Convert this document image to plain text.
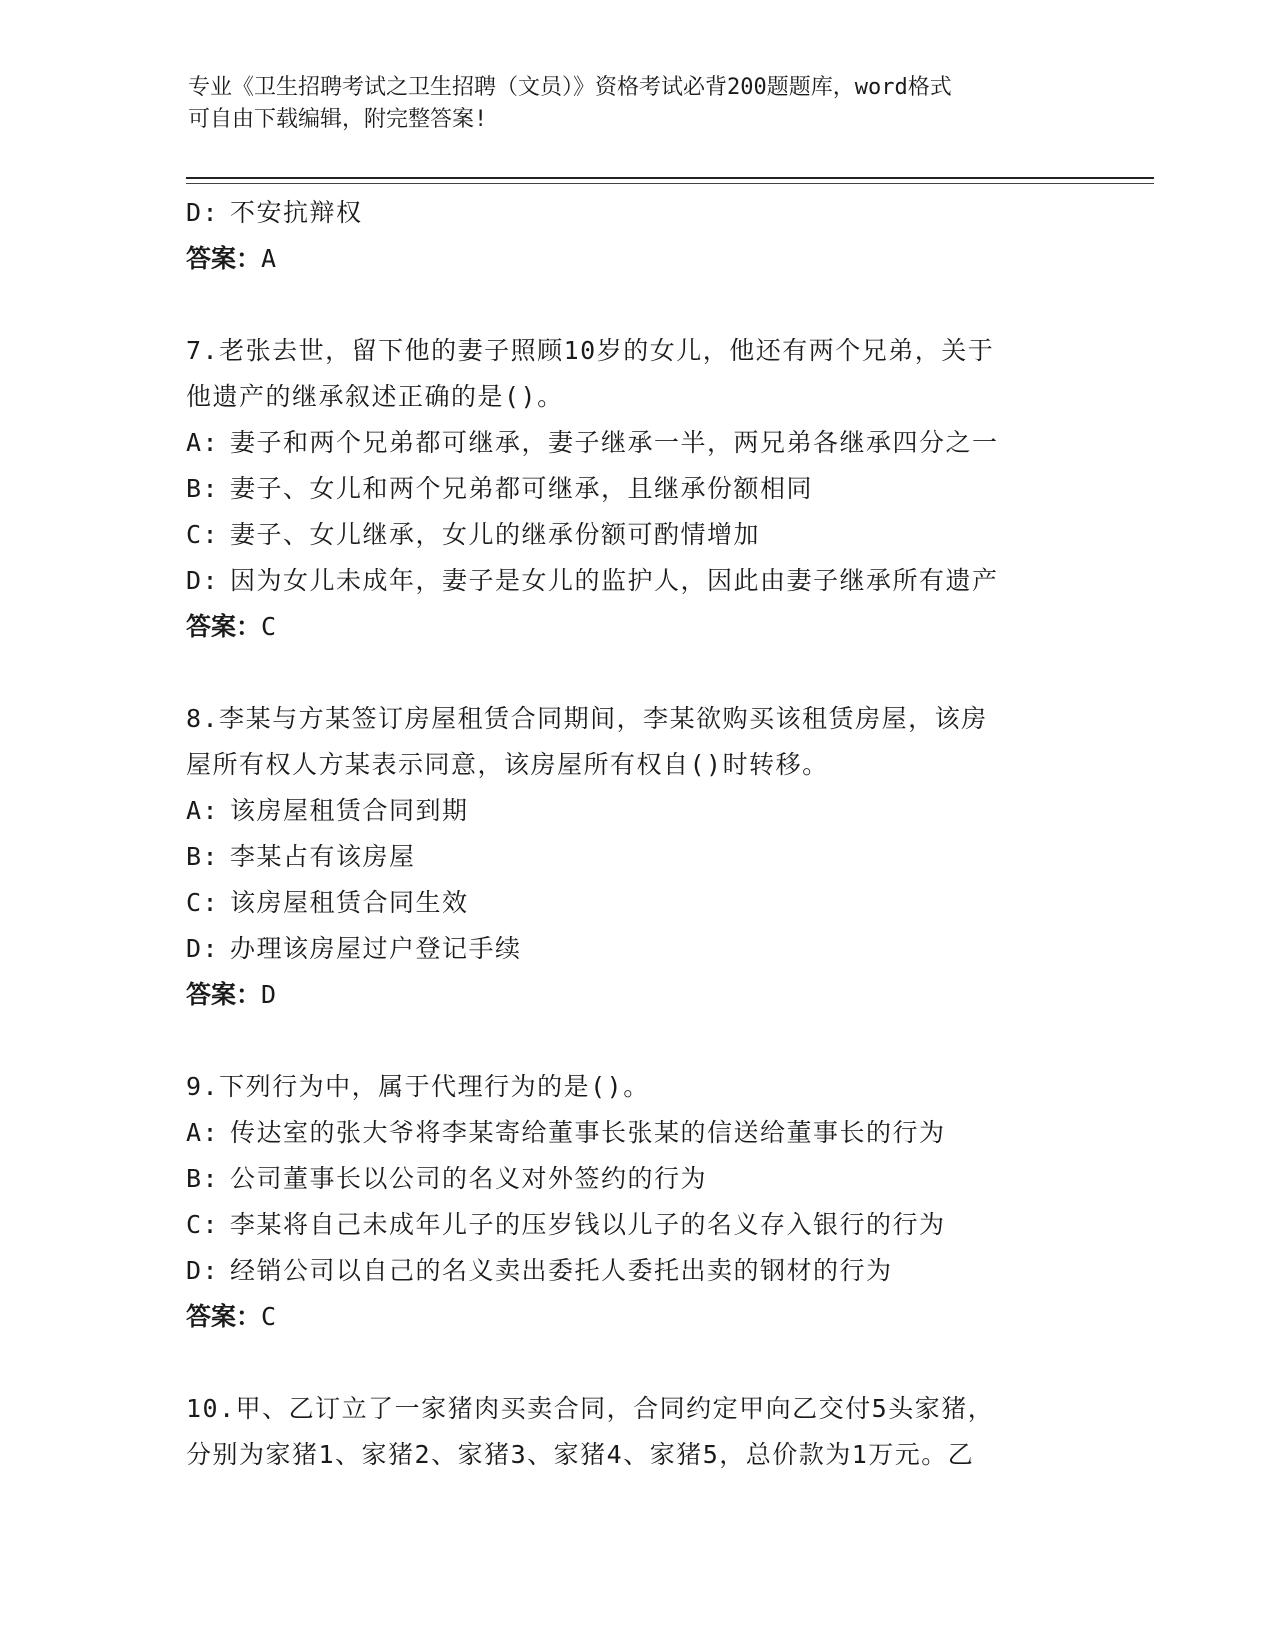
专业《卫生招聘考试之卫生招聘（文员）》资格考试必背200题题库，word格式
可自由下载编辑，附完整答案!
D: 不安抗辩权
答案：A
7.老张去世，留下他的妻子照顾10岁的女儿，他还有两个兄弟，关于
他遗产的继承叙述正确的是()。
A: 妻子和两个兄弟都可继承，妻子继承一半，两兄弟各继承四分之一
B: 妻子、女儿和两个兄弟都可继承，且继承份额相同
C: 妻子、女儿继承，女儿的继承份额可酌情增加
D: 因为女儿未成年，妻子是女儿的监护人，因此由妻子继承所有遗产
答案：C
8.李某与方某签订房屋租赁合同期间，李某欲购买该租赁房屋，该房
屋所有权人方某表示同意，该房屋所有权自()时转移。
A: 该房屋租赁合同到期
B: 李某占有该房屋
C: 该房屋租赁合同生效
D: 办理该房屋过户登记手续
答案：D
9.下列行为中，属于代理行为的是()。
A: 传达室的张大爷将李某寄给董事长张某的信送给董事长的行为
B: 公司董事长以公司的名义对外签约的行为
C: 李某将自己未成年儿子的压岁钱以儿子的名义存入银行的行为
D: 经销公司以自己的名义卖出委托人委托出卖的钢材的行为
答案：C
10.甲、乙订立了一家猪肉买卖合同，合同约定甲向乙交付5头家猪，
分别为家猪1、家猪2、家猪3、家猪4、家猪5，总价款为1万元。乙
